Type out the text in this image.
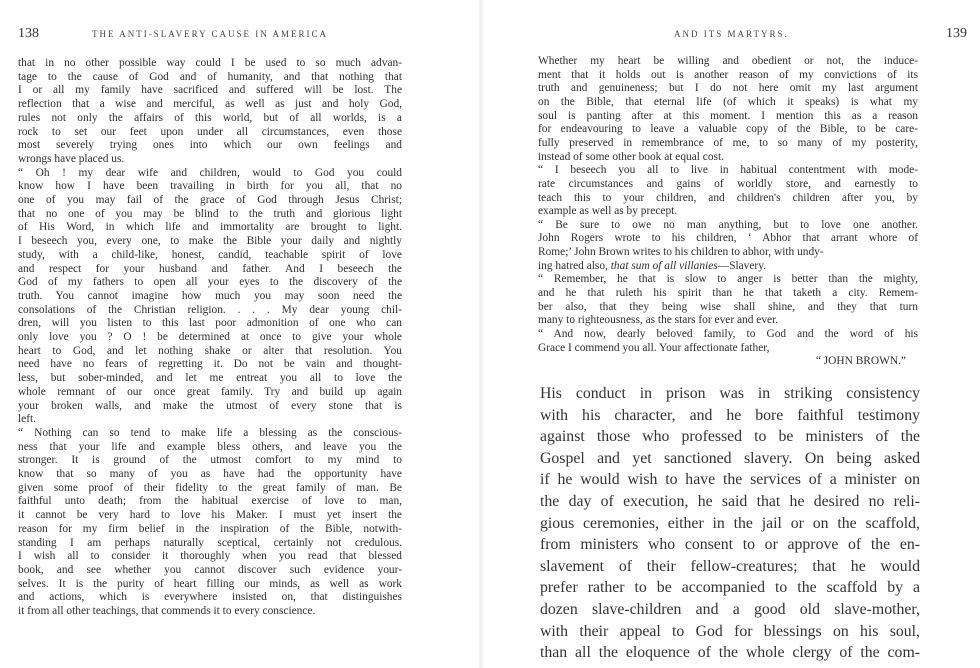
138	THE ANTI-SLAVERY CAUSE IN AMERICA
that in no other possible way could I be used to so much advan-
tage to the cause of God and of humanity, and that nothing that
I or all my family have sacrificed and suffered will be lost. The
reflection that a wise and merciful, as well as just and holy God,
rules not only the affairs of this world, but of all worlds, is a
rock to set our feet upon under all circumstances, even those
most severely trying ones into which our own feelings and
wrongs have placed us.
“ Oh ! my dear wife and children, would to God you could
know how I have been travailing in birth for you all, that no
one of you may fail of the grace of God through Jesus Christ;
that no one of you may be blind to the truth and glorious light
of His Word, in which life and immortality are brought to light.
I beseech you, every one, to make the Bible your daily and nightly
study, with a child-like, honest, candid, teachable spirit of love
and respect for your husband and father. And I beseech the
God of my fathers to open all your eyes to the discovery of the
truth. You cannot imagine how much you may soon need the
consolations of the Christian religion. . . . My dear young chil-
dren, will you listen to this last poor admonition of one who can
only love you ? O ! be determined at once to give your whole
heart to God, and let nothing shake or alter that resolution. You
need have no fears of regretting it. Do not be vain and thought-
less, but sober-minded, and let me entreat you all to love the
whole remnant of our once great family. Try and build up again
your broken walls, and make the utmost of every stone that is
left.
“ Nothing can so tend to make life a blessing as the conscious-
ness that your life and example bless others, and leave you the
stronger. It is ground of the utmost comfort to my mind to
know that so many of you as have had the opportunity have
given some proof of their fidelity to the great family of man. Be
faithful unto death; from the habitual exercise of love to man,
it cannot be very hard to love his Maker. I must yet insert the
reason for my firm belief in the inspiration of the Bible, notwith-
standing I am perhaps naturally sceptical, certainly not credulous.
I wish all to consider it thoroughly when you read that blessed
book, and see whether you cannot discover such evidence your-
selves. It is the purity of heart filling our minds, as well as work
and actions, which is everywhere insisted on, that distinguishes
it from all other teachings, that commends it to every conscience.
AND ITS MARTYRS.	139
Whether my heart be willing and obedient or not, the induce-
ment that it holds out is another reason of my convictions of its
truth and genuineness; but I do not here omit my last argument
on the Bible, that eternal life (of which it speaks) is what my
soul is panting after at this moment. I mention this as a reason
for endeavouring to leave a valuable copy of the Bible, to be care-
fully preserved in remembrance of me, to so many of my posterity,
instead of some other book at equal cost.
“ I beseech you all to live in habitual contentment with mode-
rate circumstances and gains of worldly store, and earnestly to
teach this to your children, and children's children after you, by
example as well as by precept.
“ Be sure to owe no man anything, but to love one another.
John Rogers wrote to his children, ‘ Abhor that arrant whore of
Rome;’ John Brown writes to his children to abhor, with undy-
ing hatred also, that sum of all villanies—Slavery.
“ Remember, he that is slow to anger is better than the mighty,
and he that ruleth his spirit than he that taketh a city. Remem-
ber also, that they being wise shall shine, and they that turn
many to righteousness, as the stars for ever and ever.
“ And now, dearly beloved family, to God and the word of his
Grace I commend you all. Your affectionate father,
“ JOHN BROWN.”
His conduct in prison was in striking consistency
with his character, and he bore faithful testimony
against those who professed to be ministers of the
Gospel and yet sanctioned slavery. On being asked
if he would wish to have the services of a minister on
the day of execution, he said that he desired no reli-
gious ceremonies, either in the jail or on the scaffold,
from ministers who consent to or approve of the en-
slavement of their fellow-creatures; that he would
prefer rather to be accompanied to the scaffold by a
dozen slave-children and a good old slave-mother,
with their appeal to God for blessings on his soul,
than all the eloquence of the whole clergy of the com-
